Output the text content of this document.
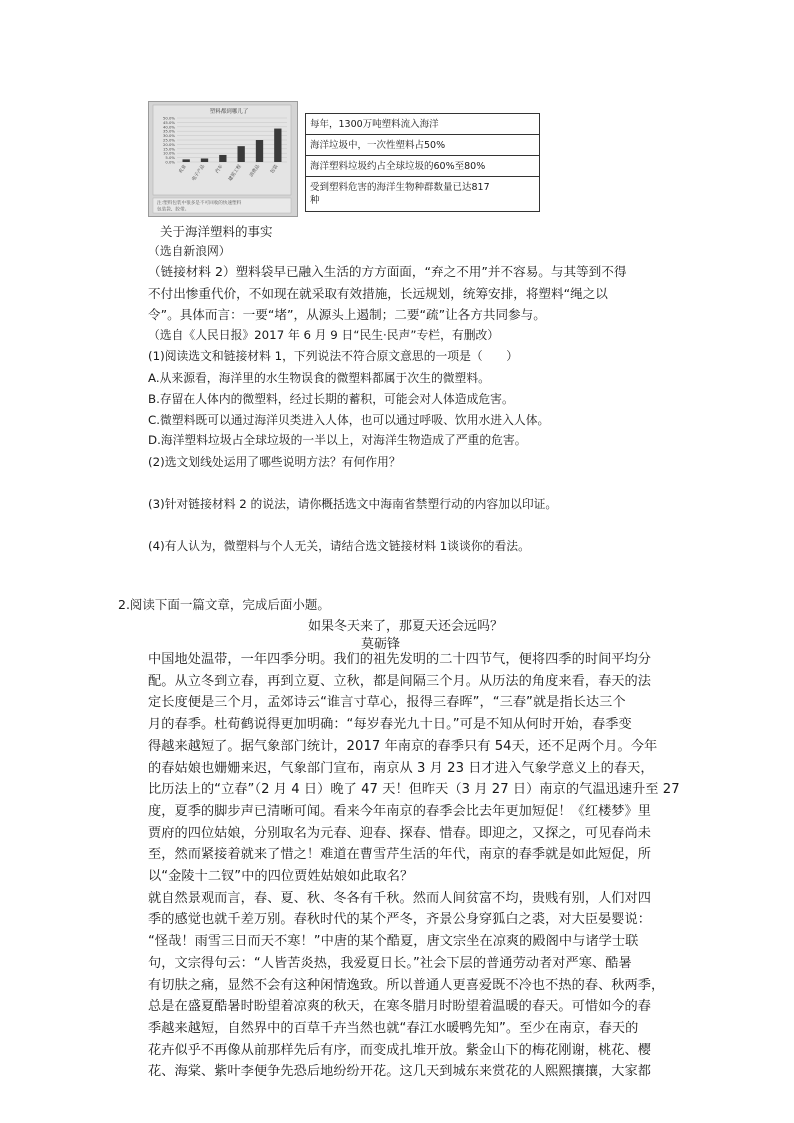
塑料都到哪儿了
50.0%
45.0%
40.0%
35.0%
30.0%
25.0%
20.0%
15.0%
10.0%
5.0%
0.0%
农业 电子产品	汽车 建筑工程	消费品	包装
注:塑料包装中很多是不可回收的快速塑料
包装袋、胶带。
每年，1300万吨塑料流入海洋
海洋垃圾中，一次性塑料占50%
海洋塑料垃圾约占全球垃圾的60%至80%
受到塑料危害的海洋生物种群数量已达817
种
关于海洋塑料的事实
（选自新浪网）
（链接材料 2）塑料袋早已融入生活的方方面面，“弃之不用”并不容易。与其等到不得
不付出惨重代价，不如现在就采取有效措施，长远规划，统筹安排，将塑料“绳之以
令”。具体而言：一要“堵”，从源头上遏制；二要“疏”让各方共同参与。
（选自《人民日报》2017 年 6 月 9 日“民生·民声”专栏，有删改）
(1)阅读选文和链接材料 1，下列说法不符合原文意思的一项是（　　）
A.从来源看，海洋里的水生物误食的微塑料都属于次生的微塑料。
B.存留在人体内的微塑料，经过长期的蓄积，可能会对人体造成危害。
C.微塑料既可以通过海洋贝类进入人体，也可以通过呼吸、饮用水进入人体。
D.海洋塑料垃圾占全球垃圾的一半以上，对海洋生物造成了严重的危害。
(2)选文划线处运用了哪些说明方法？有何作用？
(3)针对链接材料 2 的说法，请你概括选文中海南省禁塑行动的内容加以印证。
(4)有人认为，微塑料与个人无关，请结合选文链接材料 1谈谈你的看法。
2.阅读下面一篇文章，完成后面小题。
如果冬天来了，那夏天还会远吗？
莫砺锋
中国地处温带，一年四季分明。我们的祖先发明的二十四节气，便将四季的时间平均分
配。从立冬到立春，再到立夏、立秋，都是间隔三个月。从历法的角度来看，春天的法
定长度便是三个月，孟郊诗云“谁言寸草心，报得三春晖”，“三春”就是指长达三个
月的春季。杜荀鹤说得更加明确：“每岁春光九十日。”可是不知从何时开始，春季变
得越来越短了。据气象部门统计，2017 年南京的春季只有 54天，还不足两个月。今年
的春姑娘也姗姗来迟，气象部门宣布，南京从 3 月 23 日才进入气象学意义上的春天，
比历法上的“立春”（2 月 4 日）晚了 47 天！但昨天（3 月 27 日）南京的气温迅速升至 27
度，夏季的脚步声已清晰可闻。看来今年南京的春季会比去年更加短促！《红楼梦》里
贾府的四位姑娘，分别取名为元春、迎春、探春、惜春。即迎之，又探之，可见春尚未
至，然而紧接着就来了惜之！难道在曹雪芹生活的年代，南京的春季就是如此短促，所
以“金陵十二钗”中的四位贾姓姑娘如此取名？
就自然景观而言，春、夏、秋、冬各有千秋。然而人间贫富不均，贵贱有别，人们对四
季的感觉也就千差万别。春秋时代的某个严冬，齐景公身穿狐白之裘，对大臣晏婴说：
“怪哉！雨雪三日而天不寒！”中唐的某个酷夏，唐文宗坐在凉爽的殿阁中与诸学士联
句，文宗得句云：“人皆苦炎热，我爱夏日长。”社会下层的普通劳动者对严寒、酷暑
有切肤之痛，显然不会有这种闲情逸致。所以普通人更喜爱既不冷也不热的春、秋两季，
总是在盛夏酷暑时盼望着凉爽的秋天，在寒冬腊月时盼望着温暖的春天。可惜如今的春
季越来越短，自然界中的百草千卉当然也就“春江水暖鸭先知”。至少在南京，春天的
花卉似乎不再像从前那样先后有序，而变成扎堆开放。紫金山下的梅花刚谢，桃花、樱
花、海棠、紫叶李便争先恐后地纷纷开花。这几天到城东来赏花的人熙熙攘攘，大家都
